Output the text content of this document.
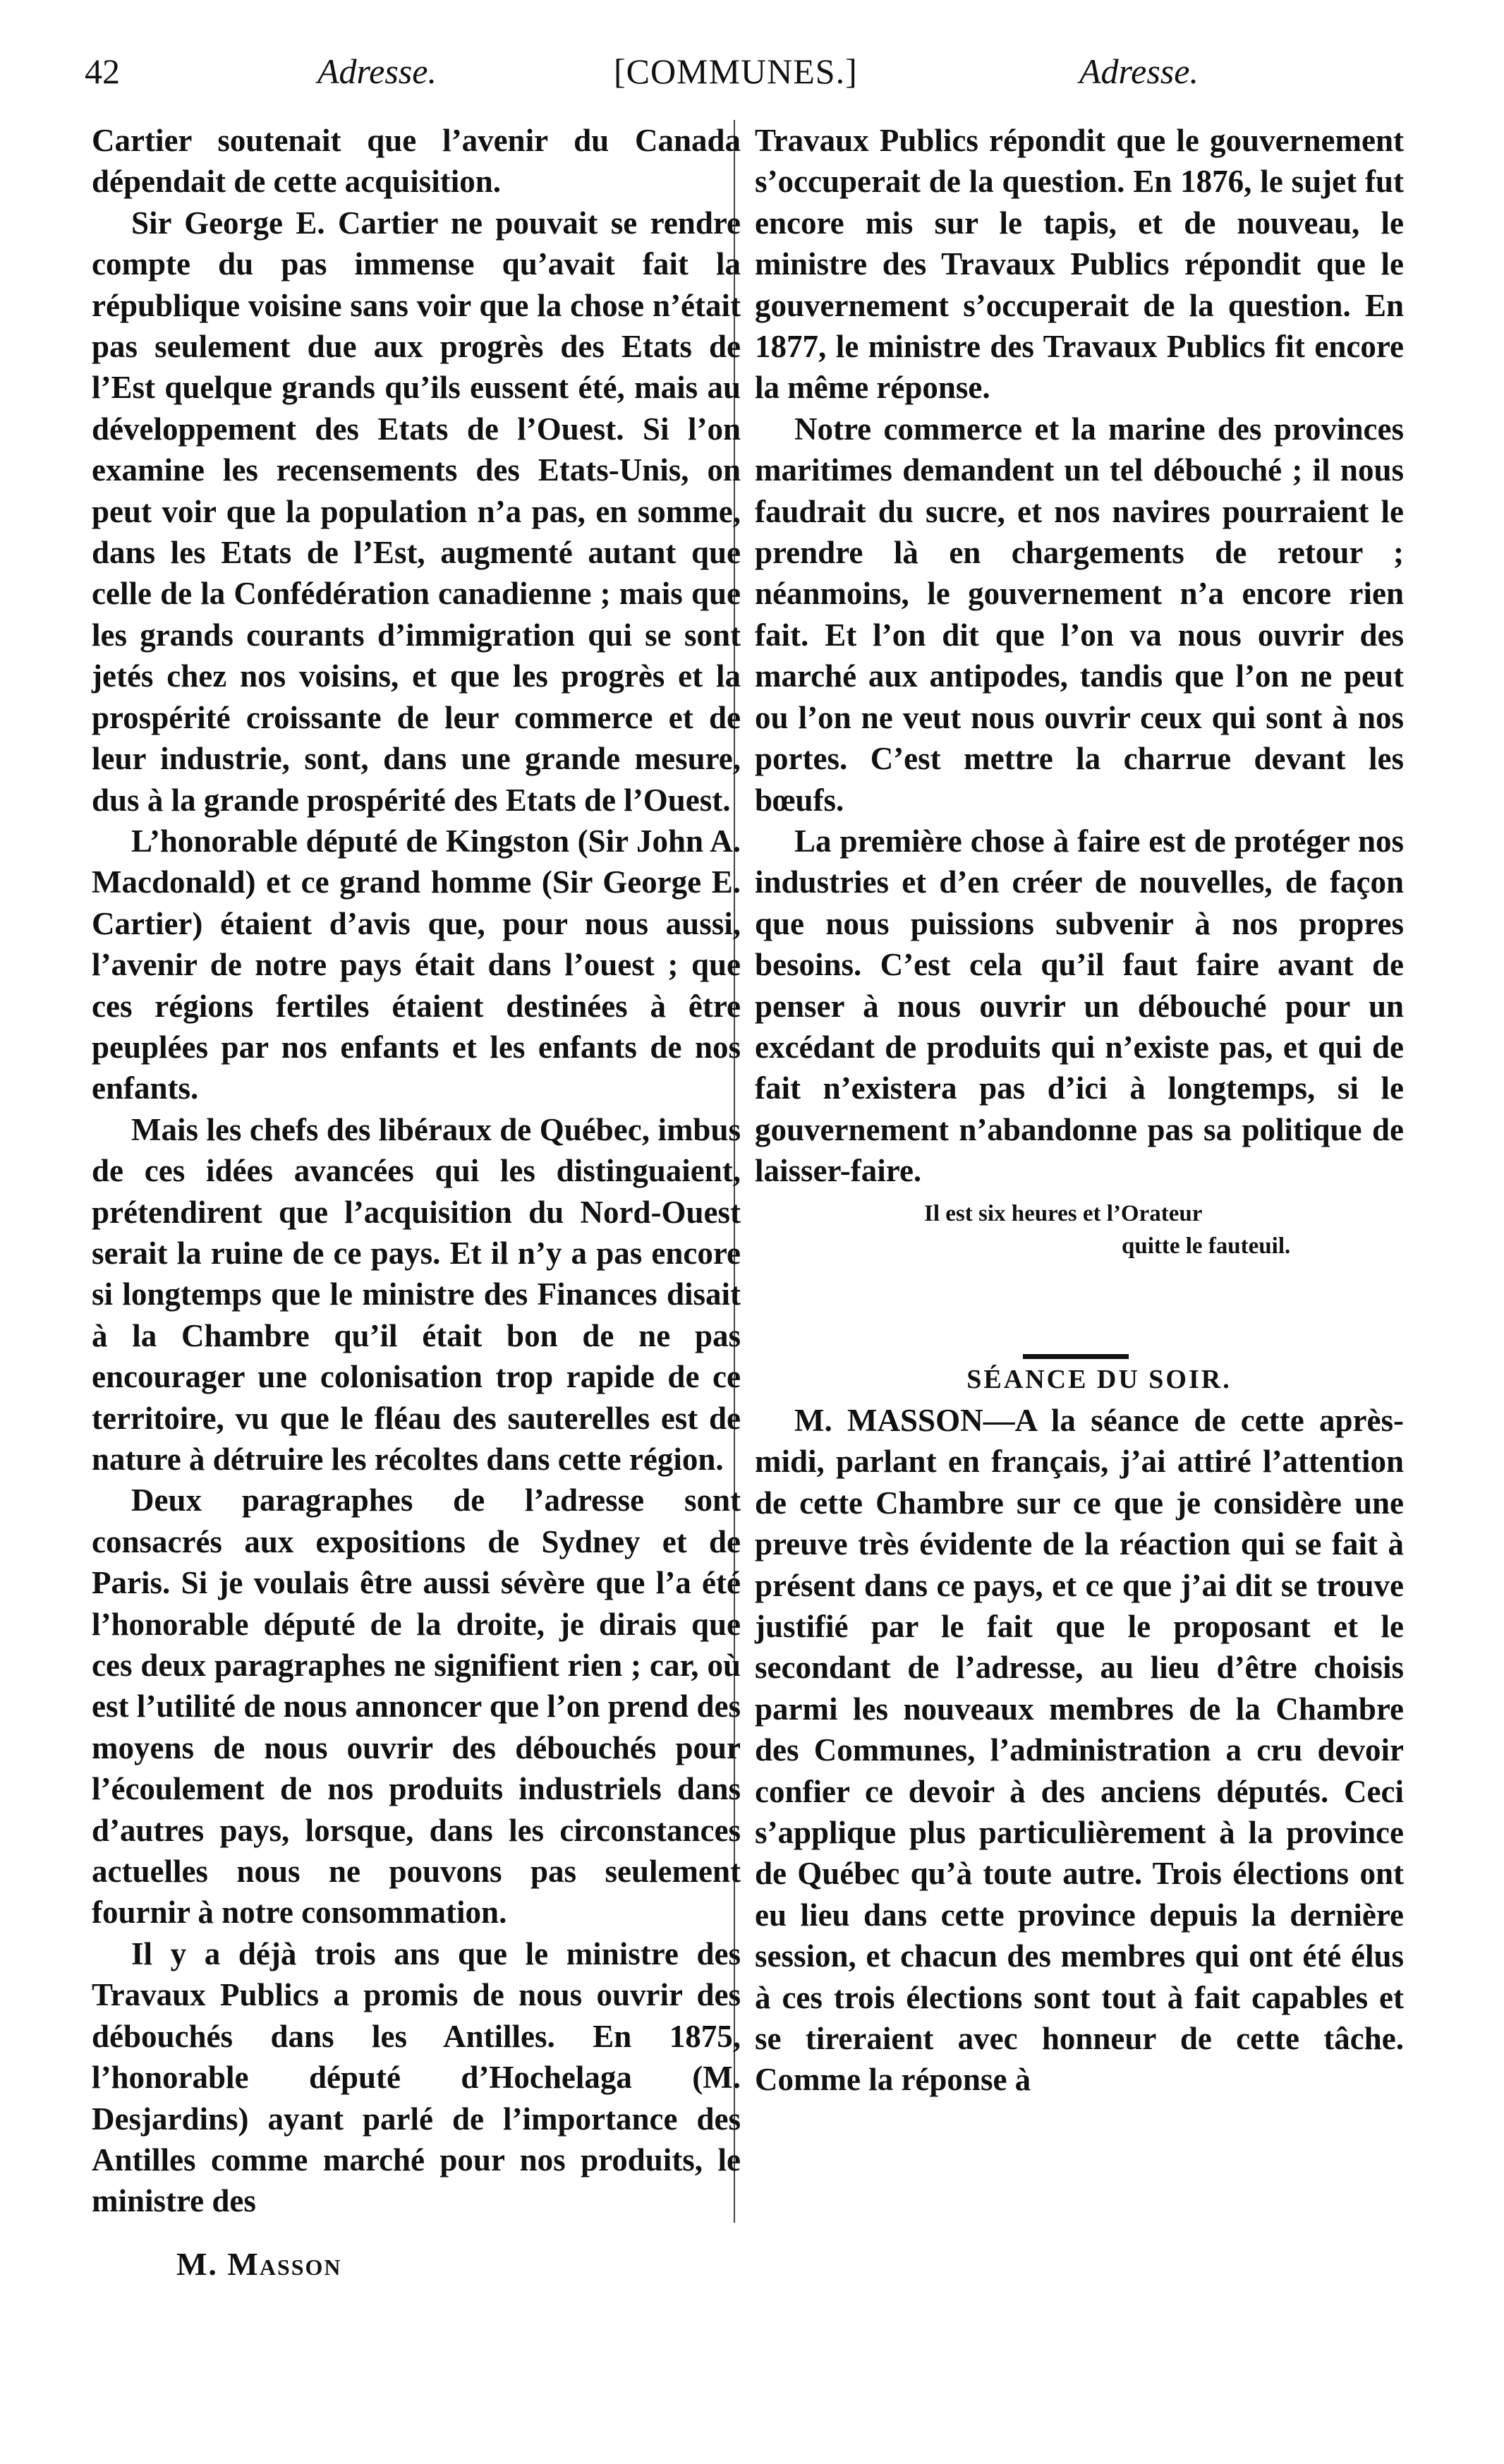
42	Adresse.	[COMMUNES.]	Adresse.

Cartier soutenait que l’avenir du Canada dépendait de cette acquisition.

Sir George E. Cartier ne pouvait se rendre compte du pas immense qu’avait fait la république voisine sans voir que la chose n’était pas seulement due aux progrès des Etats de l’Est quelque grands qu’ils eussent été, mais au développement des Etats de l’Ouest. Si l’on examine les recensements des Etats-Unis, on peut voir que la population n’a pas, en somme, dans les Etats de l’Est, augmenté autant que celle de la Confédération canadienne ; mais que les grands courants d’immigration qui se sont jetés chez nos voisins, et que les progrès et la prospérité croissante de leur commerce et de leur industrie, sont, dans une grande mesure, dus à la grande prospérité des Etats de l’Ouest.

L’honorable député de Kingston (Sir John A. Macdonald) et ce grand homme (Sir George E. Cartier) étaient d’avis que, pour nous aussi, l’avenir de notre pays était dans l’ouest ; que ces régions fertiles étaient destinées à être peuplées par nos enfants et les enfants de nos enfants.

Mais les chefs des libéraux de Québec, imbus de ces idées avancées qui les distinguaient, prétendirent que l’acquisition du Nord-Ouest serait la ruine de ce pays. Et il n’y a pas encore si longtemps que le ministre des Finances disait à la Chambre qu’il était bon de ne pas encourager une colonisation trop rapide de ce territoire, vu que le fléau des sauterelles est de nature à détruire les récoltes dans cette région.

Deux paragraphes de l’adresse sont consacrés aux expositions de Sydney et de Paris. Si je voulais être aussi sévère que l’a été l’honorable député de la droite, je dirais que ces deux paragraphes ne signifient rien ; car, où est l’utilité de nous annoncer que l’on prend des moyens de nous ouvrir des débouchés pour l’écoulement de nos produits industriels dans d’autres pays, lorsque, dans les circonstances actuelles nous ne pouvons pas seulement fournir à notre consommation.

Il y a déjà trois ans que le ministre des Travaux Publics a promis de nous ouvrir des débouchés dans les Antilles. En 1875, l’honorable député d’Hochelaga (M. Desjardins) ayant parlé de l’importance des Antilles comme marché pour nos produits, le ministre des

Travaux Publics répondit que le gouvernement s’occuperait de la question. En 1876, le sujet fut encore mis sur le tapis, et de nouveau, le ministre des Travaux Publics répondit que le gouvernement s’occuperait de la question. En 1877, le ministre des Travaux Publics fit encore la même réponse.

Notre commerce et la marine des provinces maritimes demandent un tel débouché ; il nous faudrait du sucre, et nos navires pourraient le prendre là en chargements de retour ; néanmoins, le gouvernement n’a encore rien fait. Et l’on dit que l’on va nous ouvrir des marché aux antipodes, tandis que l’on ne peut ou l’on ne veut nous ouvrir ceux qui sont à nos portes. C’est mettre la charrue devant les bœufs.

La première chose à faire est de protéger nos industries et d’en créer de nouvelles, de façon que nous puissions subvenir à nos propres besoins. C’est cela qu’il faut faire avant de penser à nous ouvrir un débouché pour un excédant de produits qui n’existe pas, et qui de fait n’existera pas d’ici à longtemps, si le gouvernement n’abandonne pas sa politique de laisser-faire.

Il est six heures et l’Orateur
quitte le fauteuil.

SÉANCE DU SOIR.

M. MASSON—A la séance de cette après-midi, parlant en français, j’ai attiré l’attention de cette Chambre sur ce que je considère une preuve très évidente de la réaction qui se fait à présent dans ce pays, et ce que j’ai dit se trouve justifié par le fait que le proposant et le secondant de l’adresse, au lieu d’être choisis parmi les nouveaux membres de la Chambre des Communes, l’administration a cru devoir confier ce devoir à des anciens députés. Ceci s’applique plus particulièrement à la province de Québec qu’à toute autre. Trois élections ont eu lieu dans cette province depuis la dernière session, et chacun des membres qui ont été élus à ces trois élections sont tout à fait capables et se tireraient avec honneur de cette tâche. Comme la réponse à

M. Masson
